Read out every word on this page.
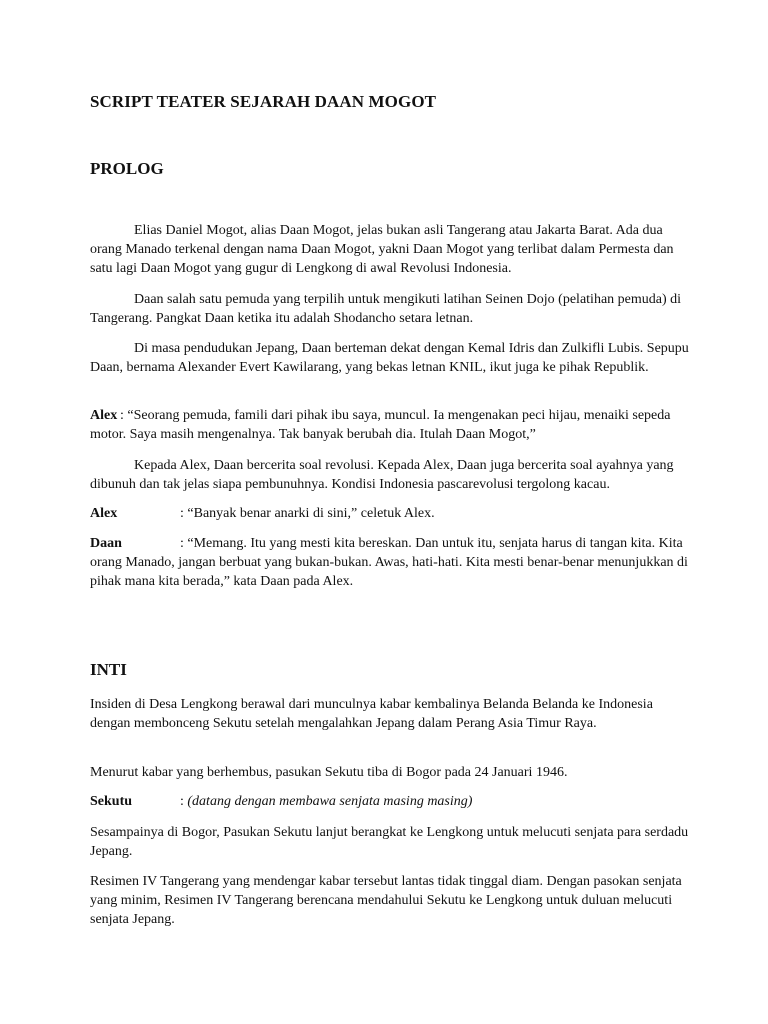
SCRIPT TEATER SEJARAH DAAN MOGOT
PROLOG

Elias Daniel Mogot, alias Daan Mogot, jelas bukan asli Tangerang atau Jakarta Barat. Ada dua orang Manado terkenal dengan nama Daan Mogot, yakni Daan Mogot yang terlibat dalam Permesta dan satu lagi Daan Mogot yang gugur di Lengkong di awal Revolusi Indonesia.

Daan salah satu pemuda yang terpilih untuk mengikuti latihan Seinen Dojo (pelatihan pemuda) di Tangerang. Pangkat Daan ketika itu adalah Shodancho setara letnan.

Di masa pendudukan Jepang, Daan berteman dekat dengan Kemal Idris dan Zulkifli Lubis. Sepupu Daan, bernama Alexander Evert Kawilarang, yang bekas letnan KNIL, ikut juga ke pihak Republik.

Alex : “Seorang pemuda, famili dari pihak ibu saya, muncul. Ia mengenakan peci hijau, menaiki sepeda motor. Saya masih mengenalnya. Tak banyak berubah dia. Itulah Daan Mogot,”

Kepada Alex, Daan bercerita soal revolusi. Kepada Alex, Daan juga bercerita soal ayahnya yang dibunuh dan tak jelas siapa pembunuhnya. Kondisi Indonesia pascarevolusi tergolong kacau.

Alex	: “Banyak benar anarki di sini,” celetuk Alex.

Daan	: “Memang. Itu yang mesti kita bereskan. Dan untuk itu, senjata harus di tangan kita. Kita orang Manado, jangan berbuat yang bukan-bukan. Awas, hati-hati. Kita mesti benar-benar menunjukkan di pihak mana kita berada,” kata Daan pada Alex.

INTI

Insiden di Desa Lengkong berawal dari munculnya kabar kembalinya Belanda Belanda ke Indonesia dengan membonceng Sekutu setelah mengalahkan Jepang dalam Perang Asia Timur Raya.

Menurut kabar yang berhembus, pasukan Sekutu tiba di Bogor pada 24 Januari 1946.

Sekutu	: (datang dengan membawa senjata masing masing)

Sesampainya di Bogor, Pasukan Sekutu lanjut berangkat ke Lengkong untuk melucuti senjata para serdadu Jepang.

Resimen IV Tangerang yang mendengar kabar tersebut lantas tidak tinggal diam. Dengan pasokan senjata yang minim, Resimen IV Tangerang berencana mendahului Sekutu ke Lengkong untuk duluan melucuti senjata Jepang.
